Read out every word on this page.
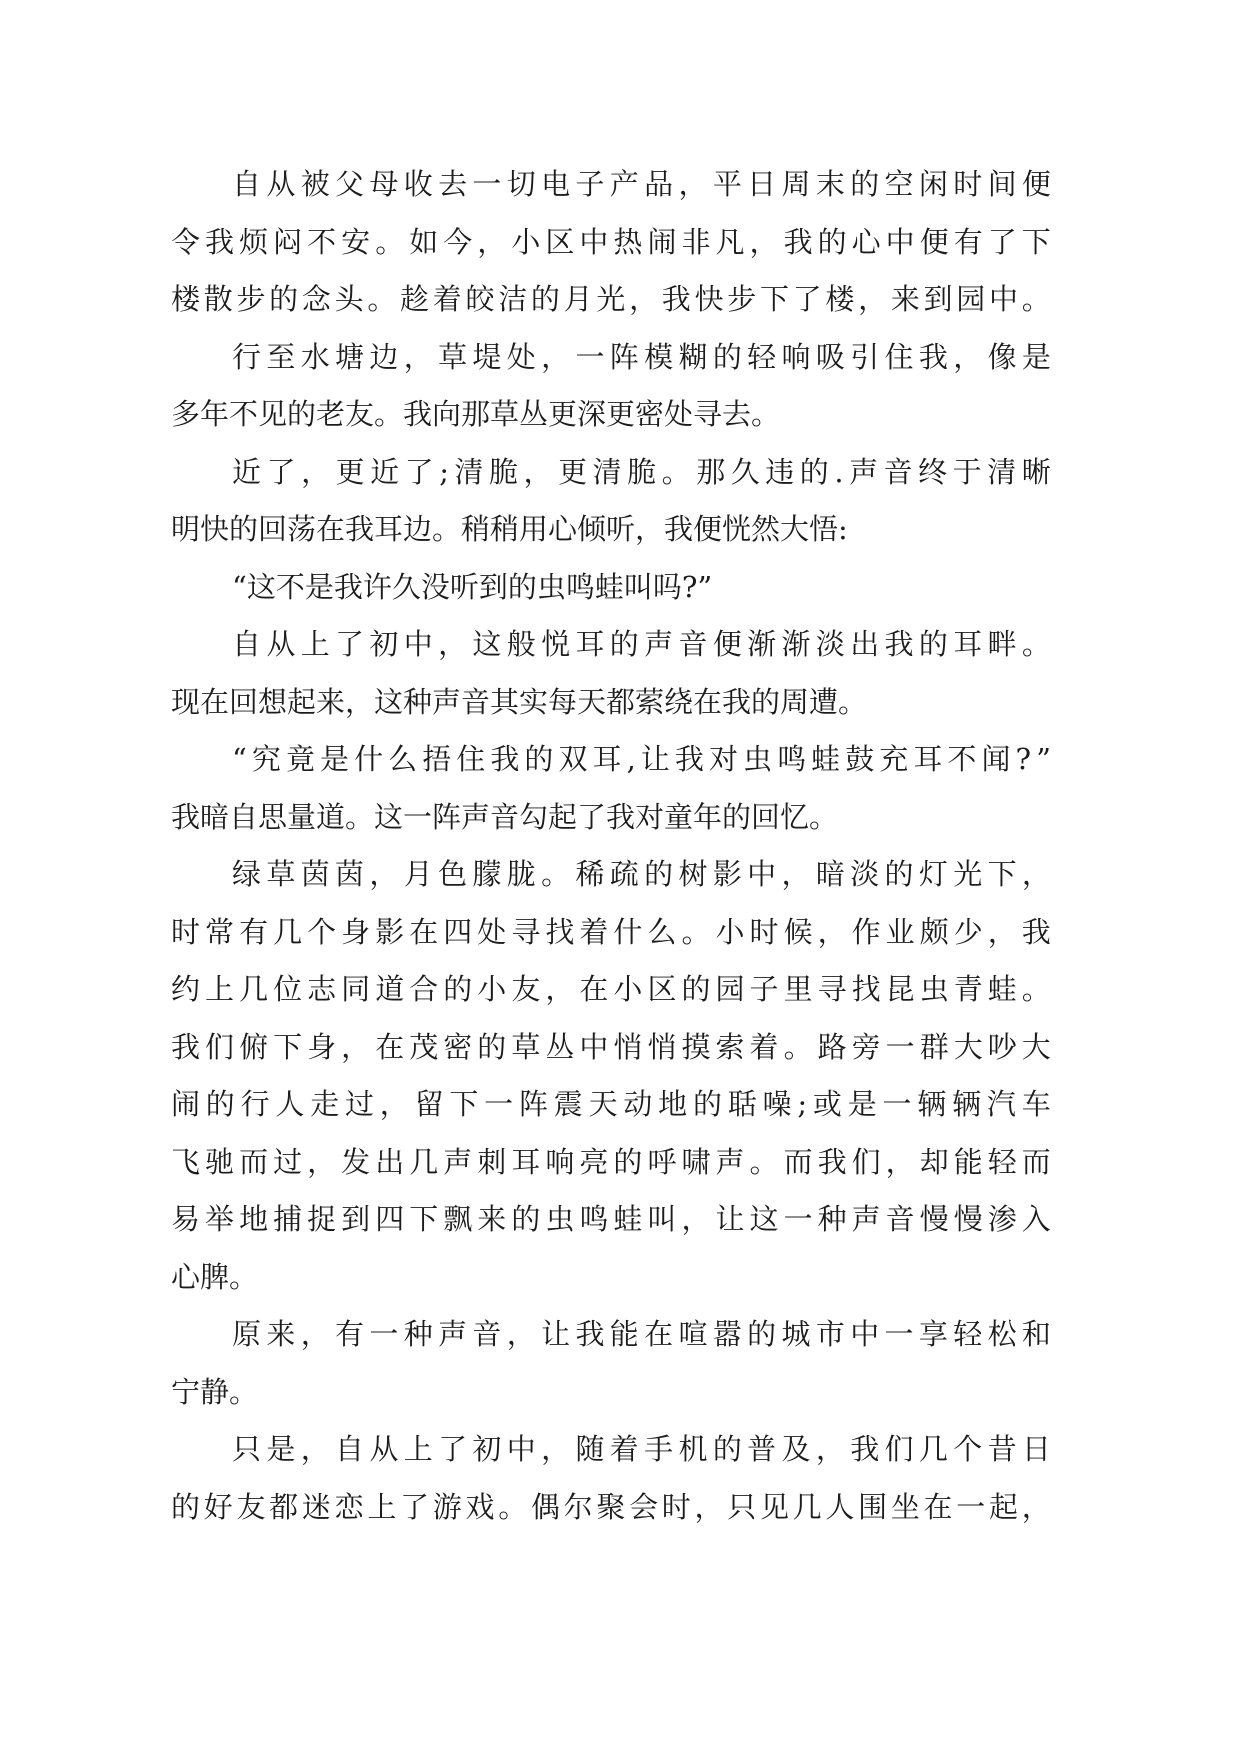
自 从 被 父 母 收 去 一 切 电 子 产 品 ， 平 日 周 末 的 空 闲 时 间 便
令 我 烦 闷 不 安 。 如 今 ， 小 区 中 热 闹 非 凡 ， 我 的 心 中 便 有 了 下
楼 散 步 的 念 头 。 趁 着 皎 洁 的 月 光 ， 我 快 步 下 了 楼 ， 来 到 园 中 。
行 至 水 塘 边 ， 草 堤 处 ， 一 阵 模 糊 的 轻 响 吸 引 住 我 ， 像 是
多年不见的老友。我向那草丛更深更密处寻去。
近 了 ， 更 近 了 ; 清 脆 ， 更 清 脆 。 那 久 违 的 . 声 音 终 于 清 晰
明快的回荡在我耳边。稍稍用心倾听，我便恍然大悟:
“这不是我许久没听到的虫鸣蛙叫吗?”
自 从 上 了 初 中 ， 这 般 悦 耳 的 声 音 便 渐 渐 淡 出 我 的 耳 畔 。
现在回想起来，这种声音其实每天都萦绕在我的周遭。
“ 究 竟 是 什 么 捂 住 我 的 双 耳 , 让 我 对 虫 鸣 蛙 鼓 充 耳 不 闻 ? ”
我暗自思量道。这一阵声音勾起了我对童年的回忆。
绿 草 茵 茵 ， 月 色 朦 胧 。 稀 疏 的 树 影 中 ， 暗 淡 的 灯 光 下 ，
时 常 有 几 个 身 影 在 四 处 寻 找 着 什 么 。 小 时 候 ， 作 业 颇 少 ， 我
约 上 几 位 志 同 道 合 的 小 友 ， 在 小 区 的 园 子 里 寻 找 昆 虫 青 蛙 。
我 们 俯 下 身 ， 在 茂 密 的 草 丛 中 悄 悄 摸 索 着 。 路 旁 一 群 大 吵 大
闹 的 行 人 走 过 ， 留 下 一 阵 震 天 动 地 的 聒 噪 ; 或 是 一 辆 辆 汽 车
飞 驰 而 过 ， 发 出 几 声 刺 耳 响 亮 的 呼 啸 声 。 而 我 们 ， 却 能 轻 而
易 举 地 捕 捉 到 四 下 飘 来 的 虫 鸣 蛙 叫 ， 让 这 一 种 声 音 慢 慢 渗 入
心脾。
原 来 ， 有 一 种 声 音 ， 让 我 能 在 喧 嚣 的 城 市 中 一 享 轻 松 和
宁静。
只 是 ， 自 从 上 了 初 中 ， 随 着 手 机 的 普 及 ， 我 们 几 个 昔 日
的 好 友 都 迷 恋 上 了 游 戏 。 偶 尔 聚 会 时 ， 只 见 几 人 围 坐 在 一 起 ，
